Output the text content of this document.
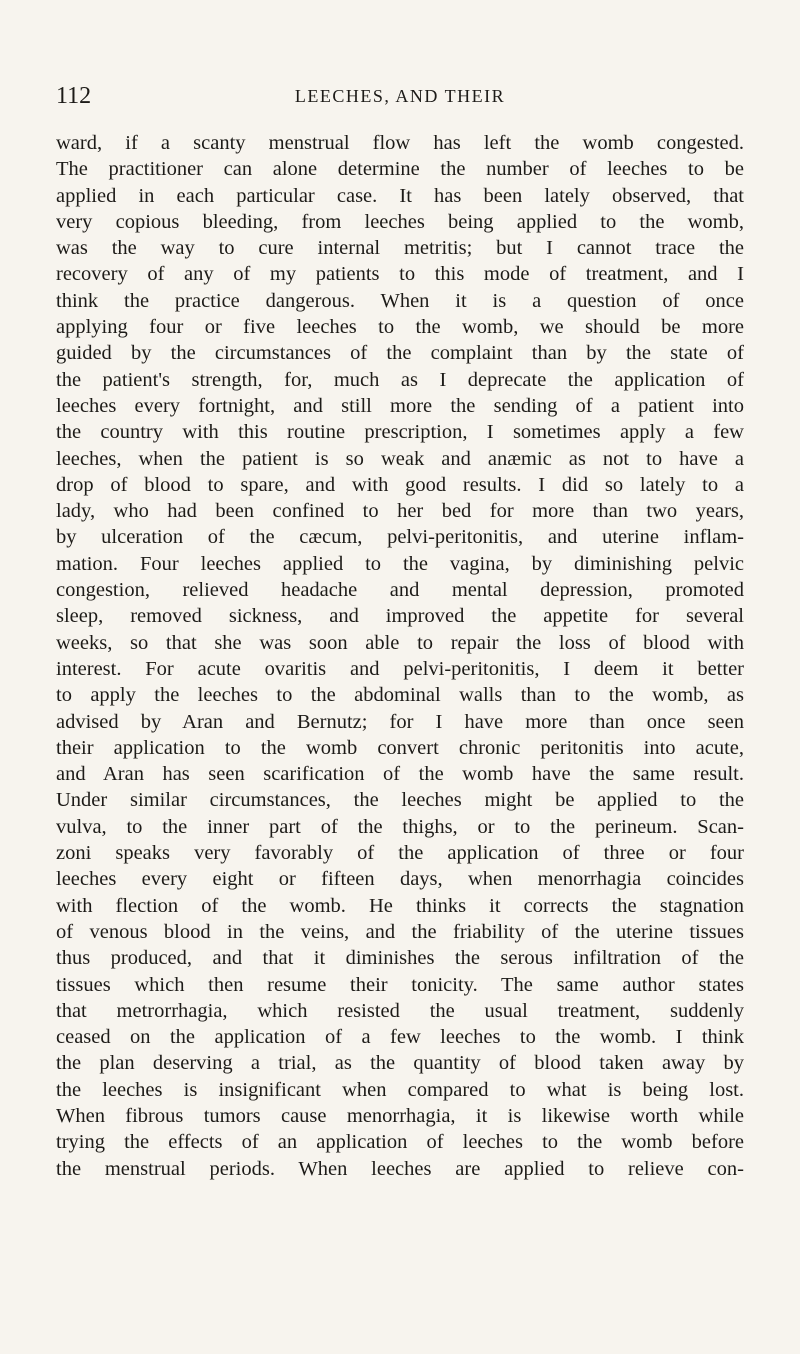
112	LEECHES, AND THEIR
ward, if a scanty menstrual flow has left the womb congested.
The practitioner can alone determine the number of leeches to be
applied in each particular case. It has been lately observed, that
very copious bleeding, from leeches being applied to the womb,
was the way to cure internal metritis; but I cannot trace the
recovery of any of my patients to this mode of treatment, and I
think the practice dangerous. When it is a question of once
applying four or five leeches to the womb, we should be more
guided by the circumstances of the complaint than by the state of
the patient's strength, for, much as I deprecate the application of
leeches every fortnight, and still more the sending of a patient into
the country with this routine prescription, I sometimes apply a few
leeches, when the patient is so weak and anæmic as not to have a
drop of blood to spare, and with good results. I did so lately to a
lady, who had been confined to her bed for more than two years,
by ulceration of the cæcum, pelvi-peritonitis, and uterine inflam-
mation. Four leeches applied to the vagina, by diminishing pelvic
congestion, relieved headache and mental depression, promoted
sleep, removed sickness, and improved the appetite for several
weeks, so that she was soon able to repair the loss of blood with
interest. For acute ovaritis and pelvi-peritonitis, I deem it better
to apply the leeches to the abdominal walls than to the womb, as
advised by Aran and Bernutz; for I have more than once seen
their application to the womb convert chronic peritonitis into acute,
and Aran has seen scarification of the womb have the same result.
Under similar circumstances, the leeches might be applied to the
vulva, to the inner part of the thighs, or to the perineum. Scan-
zoni speaks very favorably of the application of three or four
leeches every eight or fifteen days, when menorrhagia coincides
with flection of the womb. He thinks it corrects the stagnation
of venous blood in the veins, and the friability of the uterine tissues
thus produced, and that it diminishes the serous infiltration of the
tissues which then resume their tonicity. The same author states
that metrorrhagia, which resisted the usual treatment, suddenly
ceased on the application of a few leeches to the womb. I think
the plan deserving a trial, as the quantity of blood taken away by
the leeches is insignificant when compared to what is being lost.
When fibrous tumors cause menorrhagia, it is likewise worth while
trying the effects of an application of leeches to the womb before
the menstrual periods. When leeches are applied to relieve con-
